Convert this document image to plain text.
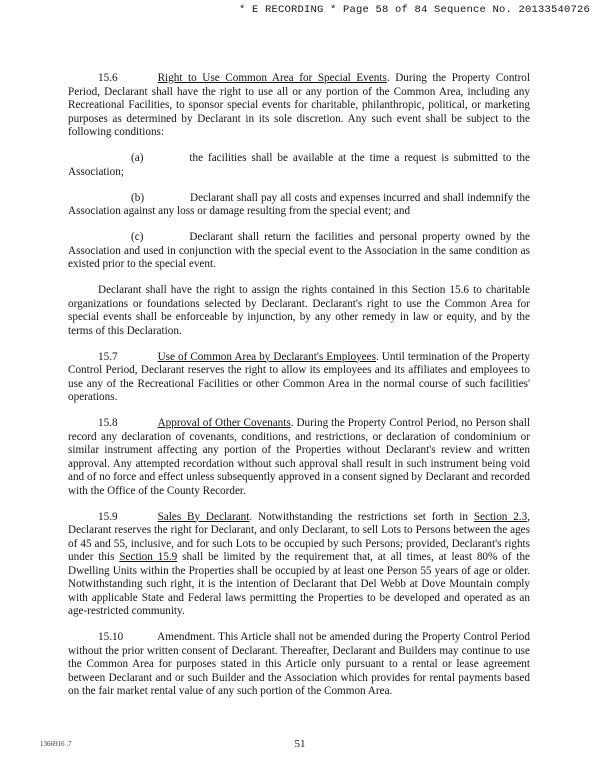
* E RECORDING * Page 58 of 84 Sequence No. 20133540726

15.6	Right to Use Common Area for Special Events. During the Property Control Period, Declarant shall have the right to use all or any portion of the Common Area, including any Recreational Facilities, to sponsor special events for charitable, philanthropic, political, or marketing purposes as determined by Declarant in its sole discretion. Any such event shall be subject to the following conditions:

(a)	the facilities shall be available at the time a request is submitted to the Association;

(b)	Declarant shall pay all costs and expenses incurred and shall indemnify the Association against any loss or damage resulting from the special event; and

(c)	Declarant shall return the facilities and personal property owned by the Association and used in conjunction with the special event to the Association in the same condition as existed prior to the special event.

Declarant shall have the right to assign the rights contained in this Section 15.6 to charitable organizations or foundations selected by Declarant. Declarant's right to use the Common Area for special events shall be enforceable by injunction, by any other remedy in law or equity, and by the terms of this Declaration.

15.7	Use of Common Area by Declarant's Employees. Until termination of the Property Control Period, Declarant reserves the right to allow its employees and its affiliates and employees to use any of the Recreational Facilities or other Common Area in the normal course of such facilities' operations.

15.8	Approval of Other Covenants. During the Property Control Period, no Person shall record any declaration of covenants, conditions, and restrictions, or declaration of condominium or similar instrument affecting any portion of the Properties without Declarant's review and written approval. Any attempted recordation without such approval shall result in such instrument being void and of no force and effect unless subsequently approved in a consent signed by Declarant and recorded with the Office of the County Recorder.

15.9	Sales By Declarant. Notwithstanding the restrictions set forth in Section 2.3, Declarant reserves the right for Declarant, and only Declarant, to sell Lots to Persons between the ages of 45 and 55, inclusive, and for such Lots to be occupied by such Persons; provided, Declarant's rights under this Section 15.9 shall be limited by the requirement that, at all times, at least 80% of the Dwelling Units within the Properties shall be occupied by at least one Person 55 years of age or older. Notwithstanding such right, it is the intention of Declarant that Del Webb at Dove Mountain comply with applicable State and Federal laws permitting the Properties to be developed and operated as an age-restricted community.

15.10	Amendment. This Article shall not be amended during the Property Control Period without the prior written consent of Declarant. Thereafter, Declarant and Builders may continue to use the Common Area for purposes stated in this Article only pursuant to a rental or lease agreement between Declarant and or such Builder and the Association which provides for rental payments based on the fair market rental value of any such portion of the Common Area.

1366916 .7	51
